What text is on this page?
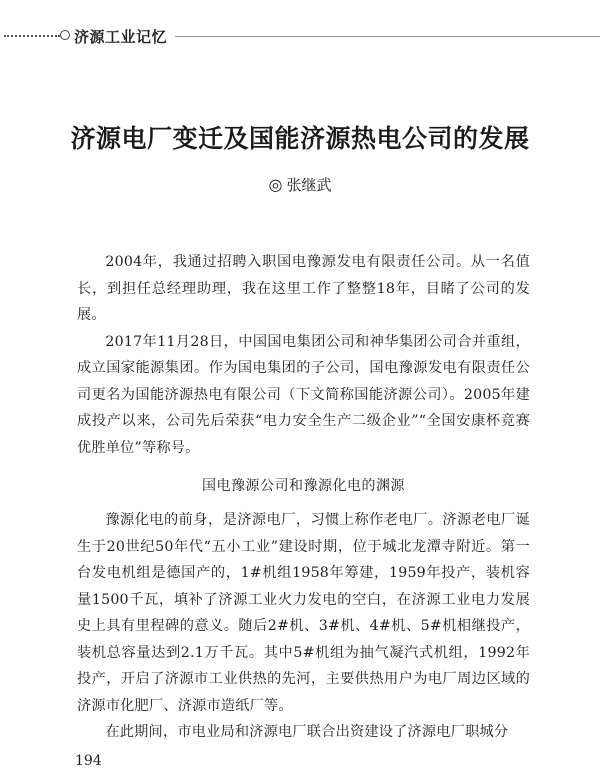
济源工业记忆
济源电厂变迁及国能济源热电公司的发展
◎ 张继武

2004年，我通过招聘入职国电豫源发电有限责任公司。从一名值长，到担任总经理助理，我在这里工作了整整18年，目睹了公司的发展。

2017年11月28日，中国国电集团公司和神华集团公司合并重组，成立国家能源集团。作为国电集团的子公司，国电豫源发电有限责任公司更名为国能济源热电有限公司（下文简称国能济源公司）。2005年建成投产以来，公司先后荣获“电力安全生产二级企业”“全国安康杯竞赛优胜单位”等称号。

国电豫源公司和豫源化电的渊源

豫源化电的前身，是济源电厂，习惯上称作老电厂。济源老电厂诞生于20世纪50年代“五小工业”建设时期，位于城北龙潭寺附近。第一台发电机组是德国产的，1#机组1958年筹建，1959年投产，装机容量1500千瓦，填补了济源工业火力发电的空白，在济源工业电力发展史上具有里程碑的意义。随后2#机、3#机、4#机、5#机相继投产，装机总容量达到2.1万千瓦。其中5#机组为抽气凝汽式机组，1992年投产，开启了济源市工业供热的先河，主要供热用户为电厂周边区域的济源市化肥厂、济源市造纸厂等。

在此期间，市电业局和济源电厂联合出资建设了济源电厂职城分

194
